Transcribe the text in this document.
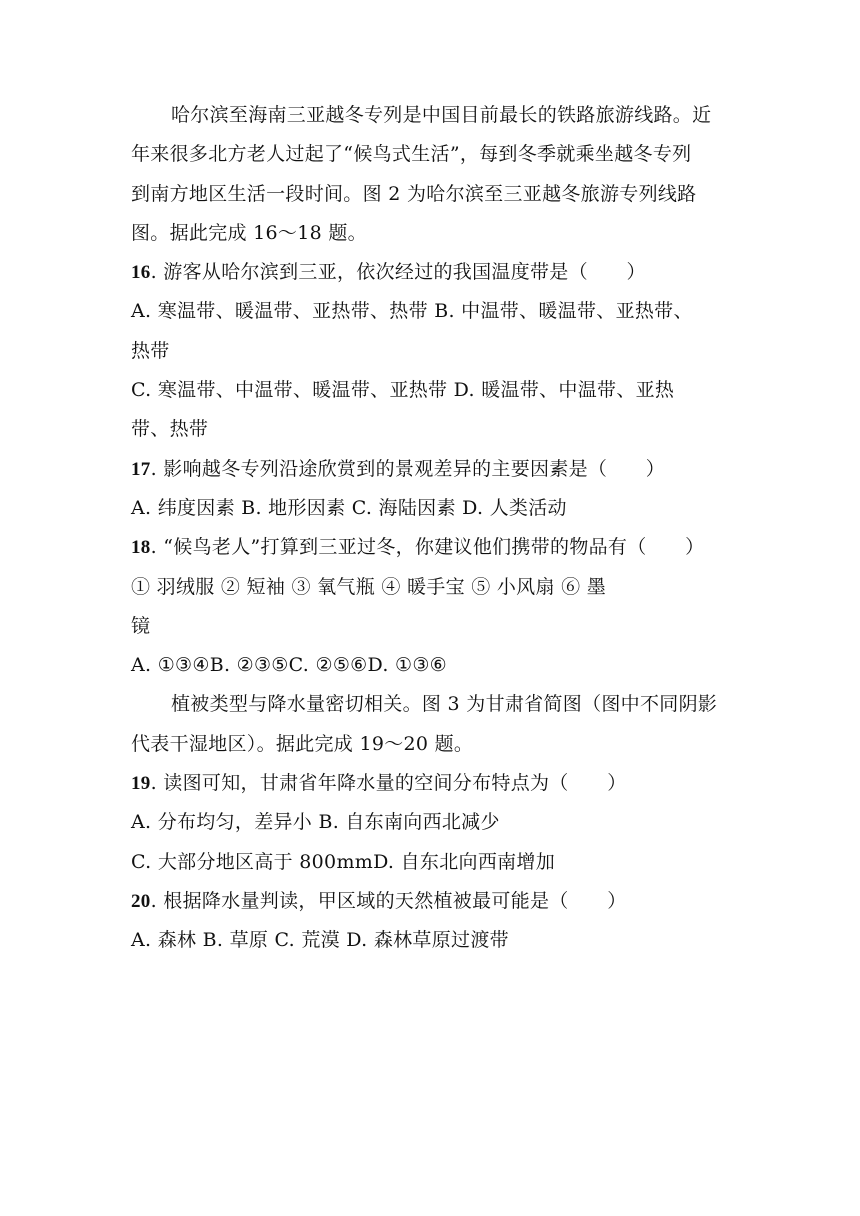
哈尔滨至海南三亚越冬专列是中国目前最长的铁路旅游线路。近
年来很多北方老人过起了“候鸟式生活”，每到冬季就乘坐越冬专列
到南方地区生活一段时间。图 2 为哈尔滨至三亚越冬旅游专列线路
图。据此完成 16～18 题。
16. 游客从哈尔滨到三亚，依次经过的我国温度带是（　　）
A. 寒温带、暖温带、亚热带、热带 B. 中温带、暖温带、亚热带、
热带
C. 寒温带、中温带、暖温带、亚热带 D. 暖温带、中温带、亚热
带、热带
17. 影响越冬专列沿途欣赏到的景观差异的主要因素是（　　）
A. 纬度因素 B. 地形因素 C. 海陆因素 D. 人类活动
18. “候鸟老人”打算到三亚过冬，你建议他们携带的物品有（　　）
① 羽绒服 ② 短袖 ③ 氧气瓶 ④ 暖手宝 ⑤ 小风扇 ⑥ 墨
镜
A. ①③④B. ②③⑤C. ②⑤⑥D. ①③⑥
植被类型与降水量密切相关。图 3 为甘肃省简图（图中不同阴影
代表干湿地区）。据此完成 19～20 题。
19. 读图可知，甘肃省年降水量的空间分布特点为（　　）
A. 分布均匀，差异小 B. 自东南向西北减少
C. 大部分地区高于 800mmD. 自东北向西南增加
20. 根据降水量判读，甲区域的天然植被最可能是（　　）
A. 森林 B. 草原 C. 荒漠 D. 森林草原过渡带
